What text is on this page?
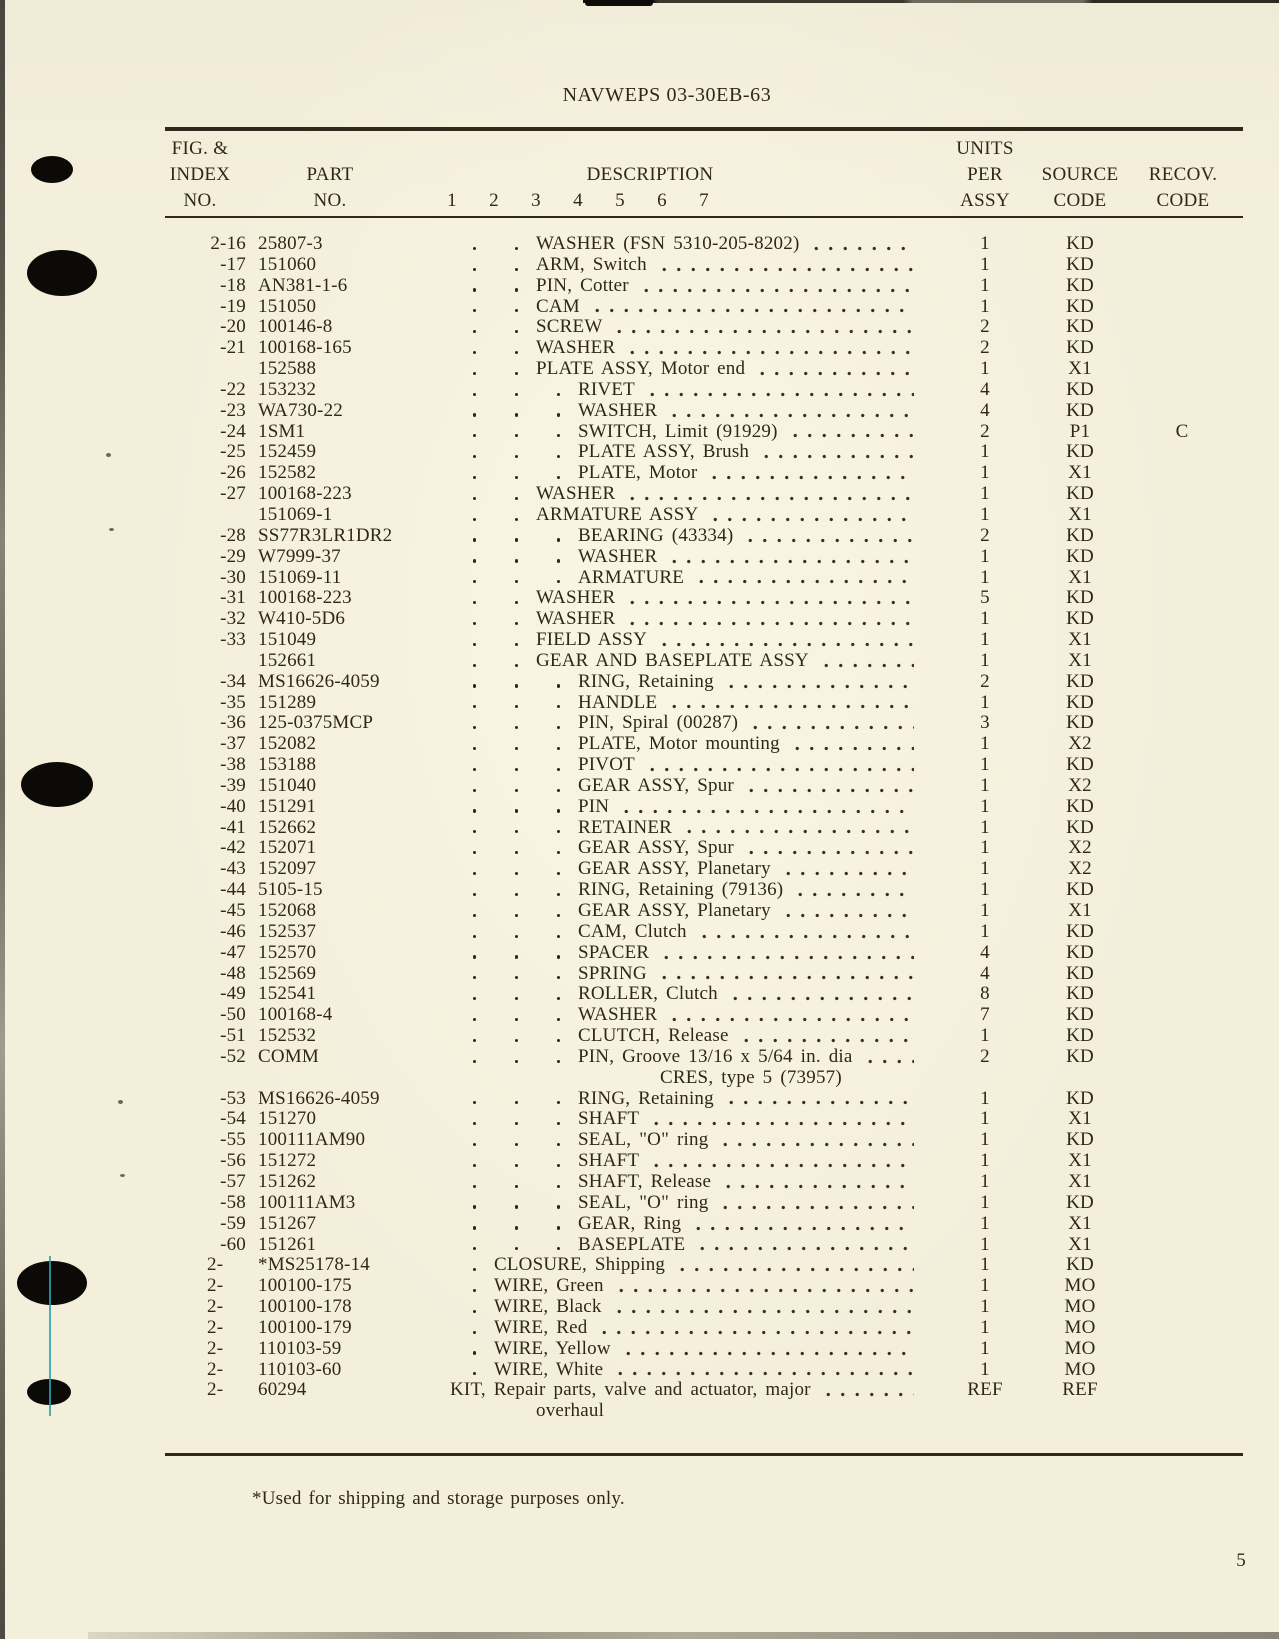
NAVWEPS 03-30EB-63
FIG. &
INDEX
NO.
PART
NO.
DESCRIPTION
1 2 3 4 5 6 7
UNITS
PER
ASSY
SOURCE
CODE
RECOV.
CODE
2-16 25807-3	WASHER (FSN 5310-205-8202)	1	KD
-17 151060	ARM, Switch	1	KD
-18 AN381-1-6	PIN, Cotter	1	KD
-19 151050	CAM	1	KD
-20 100146-8	SCREW	2	KD
-21 100168-165	WASHER	2	KD
152588	PLATE ASSY, Motor end	1	X1
-22 153232	RIVET	4	KD
-23 WA730-22	WASHER	4	KD
-24 1SM1	SWITCH, Limit (91929)	2	P1	C
-25 152459	PLATE ASSY, Brush	1	KD
-26 152582	PLATE, Motor	1	X1
-27 100168-223	WASHER	1	KD
151069-1	ARMATURE ASSY	1	X1
-28 SS77R3LR1DR2	BEARING (43334)	2	KD
-29 W7999-37	WASHER	1	KD
-30 151069-11	ARMATURE	1	X1
-31 100168-223	WASHER	5	KD
-32 W410-5D6	WASHER	1	KD
-33 151049	FIELD ASSY	1	X1
152661	GEAR AND BASEPLATE ASSY	1	X1
-34 MS16626-4059	RING, Retaining	2	KD
-35 151289	HANDLE	1	KD
-36 125-0375MCP	PIN, Spiral (00287)	3	KD
-37 152082	PLATE, Motor mounting	1	X2
-38 153188	PIVOT	1	KD
-39 151040	GEAR ASSY, Spur	1	X2
-40 151291	PIN	1	KD
-41 152662	RETAINER	1	KD
-42 152071	GEAR ASSY, Spur	1	X2
-43 152097	GEAR ASSY, Planetary	1	X2
-44 5105-15	RING, Retaining (79136)	1	KD
-45 152068	GEAR ASSY, Planetary	1	X1
-46 152537	CAM, Clutch	1	KD
-47 152570	SPACER	4	KD
-48 152569	SPRING	4	KD
-49 152541	ROLLER, Clutch	8	KD
-50 100168-4	WASHER	7	KD
-51 152532	CLUTCH, Release	1	KD
-52 COMM	PIN, Groove 13/16 x 5/64 in. dia	2	KD
CRES, type 5 (73957)
-53 MS16626-4059	RING, Retaining	1	KD
-54 151270	SHAFT	1	X1
-55 100111AM90	SEAL, "O" ring	1	KD
-56 151272	SHAFT	1	X1
-57 151262	SHAFT, Release	1	X1
-58 100111AM3	SEAL, "O" ring	1	KD
-59 151267	GEAR, Ring	1	X1
-60 151261	BASEPLATE	1	X1
2-	*MS25178-14	CLOSURE, Shipping	1	KD
2-	100100-175	WIRE, Green	1	MO
2-	100100-178	WIRE, Black	1	MO
2-	100100-179	WIRE, Red	1	MO
2-	110103-59	WIRE, Yellow	1	MO
2-	110103-60	WIRE, White	1	MO
2-	60294	KIT, Repair parts, valve and actuator, major	REF	REF
overhaul
*Used for shipping and storage purposes only.
5
